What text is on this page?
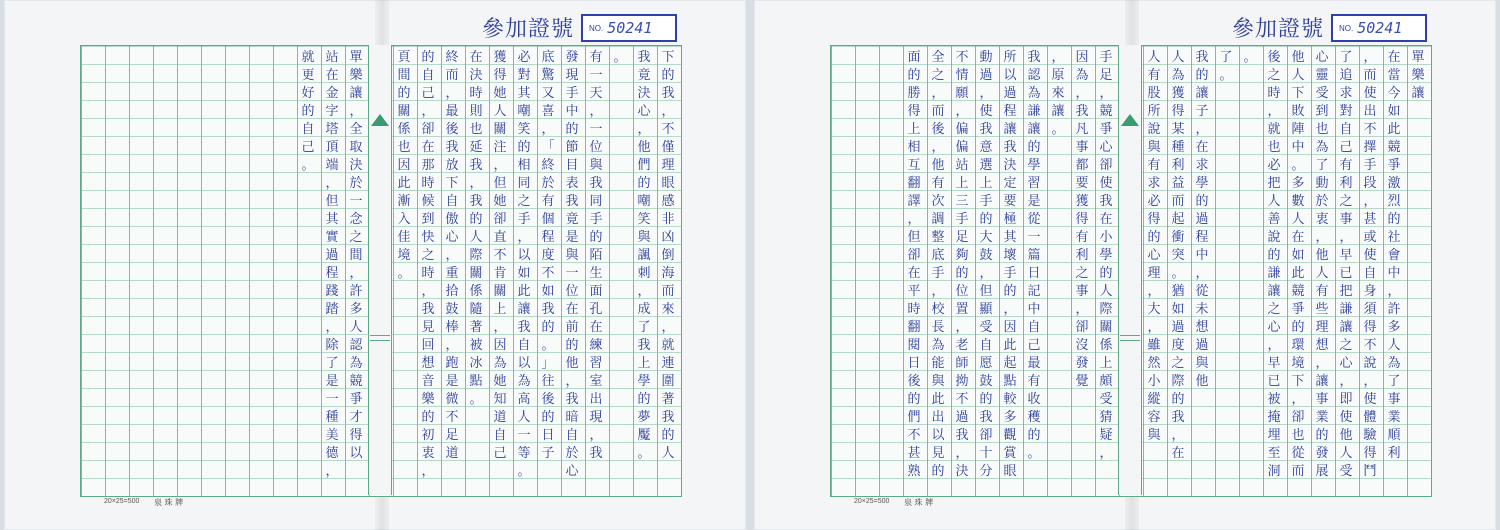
參加證號 NO. 50241
20×25=500 泉 珠 牌
下
的
我
，
不
僅
理
眼
感
非
凶
倒
海
而
來
，
就
連
圍
著
我
的
人
我
竟
決
心
，
他
們
的
嘲
笑
與
諷
刺
，
成
了
我
上
學
的
夢
魘
。
。
有
一
天
，
一
位
與
我
同
手
的
陌
生
面
孔
在
練
習
室
出
現
，
我
發
現
手
中
的
節
目
表
我
竟
是
與
一
位
在
前
的
他
，
我
暗
自
於
心
底
驚
又
喜
，
「
終
於
有
個
程
度
不
如
我
的
。
」
往
後
的
日
子
必
對
其
嘲
笑
的
相
同
之
手
，
以
如
此
讓
我
自
以
為
高
人
一
等
。
獲
得
她
人
關
注
，
但
她
卻
直
不
肯
關
上
，
因
為
她
知
道
自
己
在
決
時
則
也
延
我
，
我
的
人
際
關
係
隨
著
被
冰
點
。
終
而
，
最
後
我
放
下
自
傲
心
，
重
拾
鼓
棒
，
跑
是
微
不
足
道
的
自
己
，
卻
在
那
時
候
到
快
之
時
，
我
見
回
想
音
樂
的
初
衷
，
頁
間
的
關
係
也
因
此
漸
入
佳
境
。
單
樂
讓
，
全
取
決
於
一
念
之
間
，
許
多
人
認
為
競
爭
才
得
以
站
在
金
字
塔
頂
端
，
但
其
實
過
程
踐
踏
，
除
了
是
一
種
美
德
，
就
更
好
的
自
己
。
參加證號 NO. 50241
20×25=500 泉 珠 牌
單
樂
讓
在
當
今
如
此
競
爭
激
烈
的
社
會
中
，
許
多
人
為
了
事
業
順
利
，
而
使
出
不
擇
手
段
，
甚
或
使
自
身
須
得
不
說
，
使
體
驗
得
鬥
了
追
求
對
自
己
有
利
之
事
，
早
已
把
謙
讓
之
心
，
即
使
他
人
受
心
靈
受
到
也
為
了
動
於
衷
，
他
人
有
些
理
想
，
讓
事
業
的
發
展
他
人
下
敗
陣
中
。
多
數
人
在
如
此
競
爭
的
環
境
下
，
卻
也
從
而
後
之
時
，
就
也
必
把
人
善
說
的
謙
讓
之
心
，
早
已
被
掩
埋
至
洞
。
了
。
我
的
讓
子
，
在
求
學
的
過
程
中
，
從
未
想
過
與
他
人
為
獲
得
某
種
利
益
而
起
衝
突
。
猶
如
過
度
之
際
的
我
，
在
人
有
股
所
說
與
有
求
必
得
的
心
理
，
大
，
雖
然
小
縱
容
與
手
足
，
競
爭
心
卻
使
我
在
小
學
的
人
際
關
係
上
頗
受
猜
疑
，
因
為
，
我
凡
事
都
要
獲
得
有
利
之
事
，
卻
沒
發
覺
，
原
來
讓
。
我
認
為
謙
讓
的
學
習
是
從
一
篇
日
記
中
自
己
最
有
收
穫
的
。
所
以
過
程
讓
我
決
定
要
極
其
壞
手
的
，
因
此
起
點
較
多
觀
賞
眼
動
過
，
使
我
意
選
上
手
的
大
鼓
，
但
顯
受
自
愿
鼓
的
我
卻
十
分
不
情
願
，
偏
偏
站
上
三
手
足
夠
的
位
置
，
老
師
拗
不
過
我
，
決
全
之
，
而
後
，
他
有
次
調
整
底
手
，
校
長
為
能
與
此
出
以
見
的
面
的
勝
得
上
相
互
翻
譯
，
但
卻
在
平
時
翻
閱
日
後
的
們
不
甚
熟
